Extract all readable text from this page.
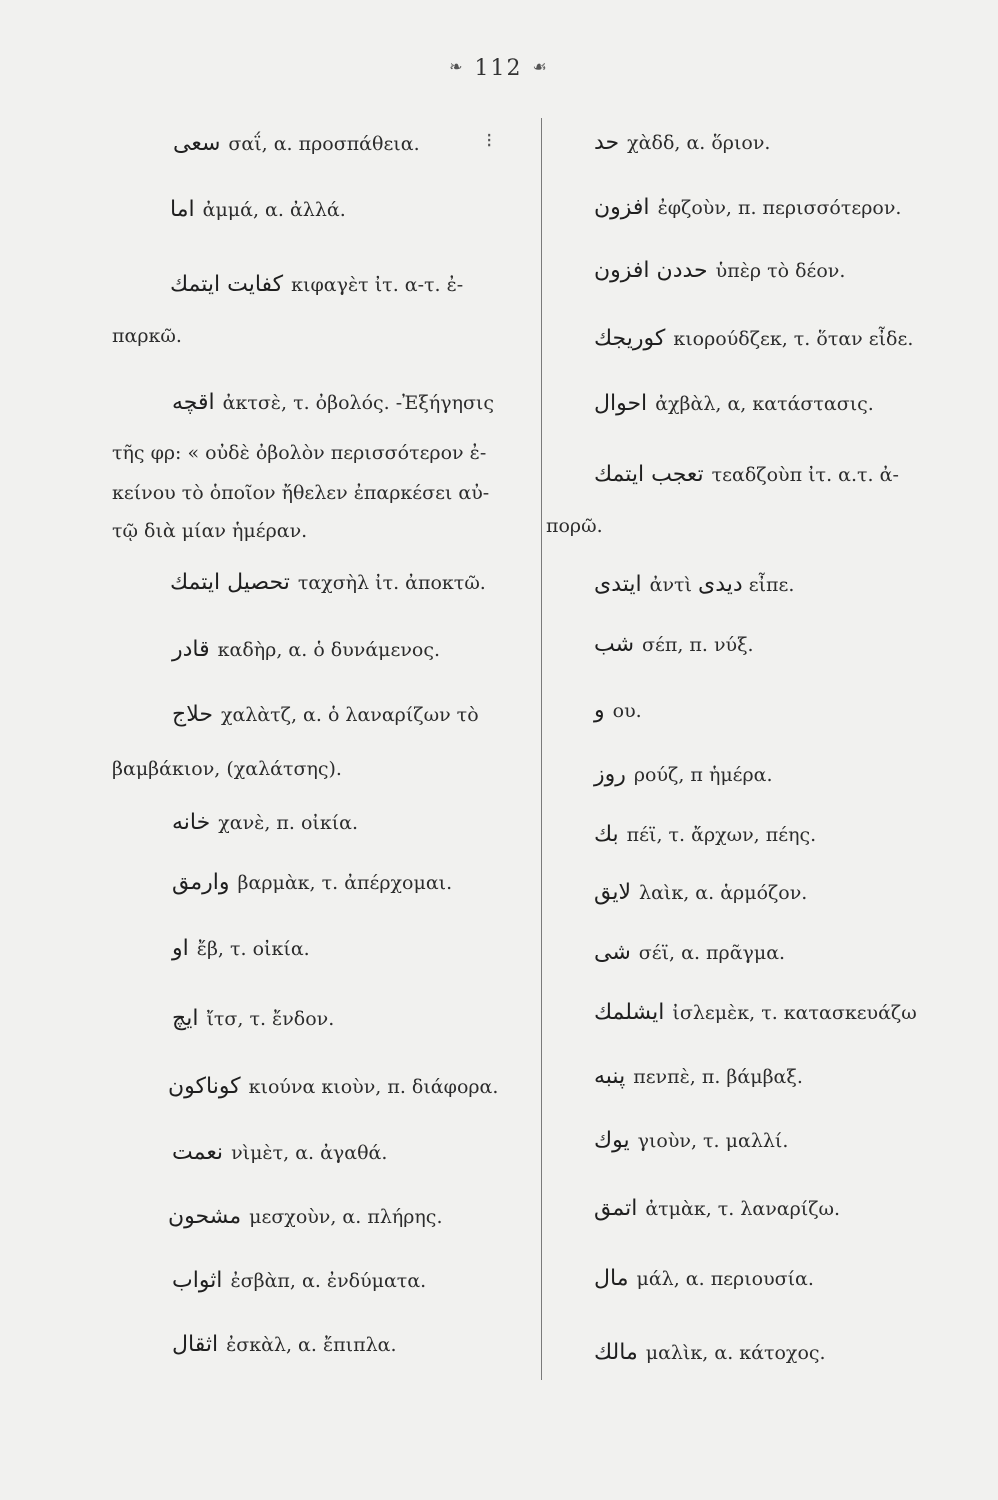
❧ 112 ☙
⁝
سعی σαΐ, α. προσπάθεια.
اما ἀμμά, α. ἀλλά.
كفايت ايتمك κιφαγὲτ ἰτ. α-τ. ἐ-
παρκῶ.
اقچه ἀκτσὲ, τ. ὀβολός. -Ἐξήγησις
τῆς φρ: « οὐδὲ ὀβολὸν περισσότερον ἐ-
κείνου τὸ ὁποῖον ἤθελεν ἐπαρκέσει αὐ-
τῷ διὰ μίαν ἡμέραν.
تحصيل ايتمك ταχσὴλ ἰτ. ἀποκτῶ.
قادر καδὴρ, α. ὁ δυνάμενος.
حلاج χαλὰτζ, α. ὁ λαναρίζων τὸ
βαμβάκιον, (χαλάτσης).
خانه χανὲ, π. οἰκία.
وارمق βαρμὰκ, τ. ἀπέρχομαι.
او ἔβ, τ. οἰκία.
ايچ ἴτσ, τ. ἔνδον.
كوناكون κιούνα κιοὺν, π. διάφορα.
نعمت νὶμὲτ, α. ἀγαθά.
مشحون μεσχοὺν, α. πλήρης.
اثواب ἐσβὰπ, α. ἐνδύματα.
اثقال ἐσκὰλ, α. ἔπιπλα.
حد χὰδδ, α. ὅριον.
افزون ἐφζοὺν, π. περισσότερον.
حددن افزون ὑπὲρ τὸ δέον.
كوريجك κιορούδζεκ, τ. ὅταν εἶδε.
احوال ἀχβὰλ, α, κατάστασις.
تعجب ايتمك τεαδζοὺπ ἰτ. α.τ. ἀ-
πορῶ.
ايتدى ἀντὶ ديدى εἶπε.
شب σέπ, π. νύξ.
و ου.
روز ρούζ, π ἡμέρα.
بك πέϊ, τ. ἄρχων, πέης.
لايق λαὶκ, α. ἁρμόζον.
شی σέϊ, α. πρᾶγμα.
ايشلمك ἰσλεμὲκ, τ. κατασκευάζω
پنبه πενπὲ, π. βάμβαξ.
يوك γιοὺν, τ. μαλλί.
اتمق ἀτμὰκ, τ. λαναρίζω.
مال μάλ, α. περιουσία.
مالك μαλὶκ, α. κάτοχος.
